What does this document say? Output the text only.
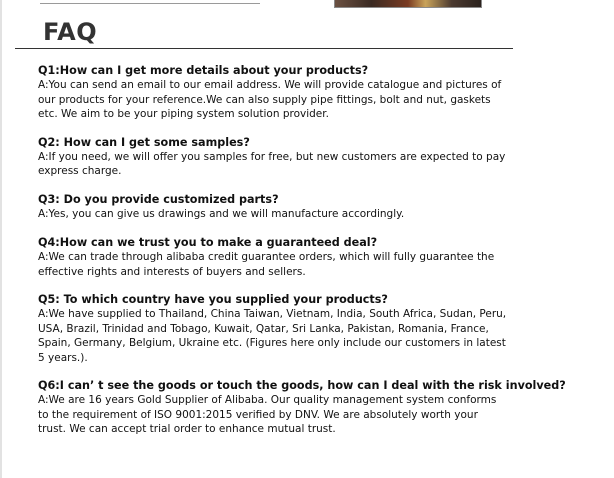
FAQ

Q1:How can I get more details about your products?

A:You can send an email to our email address. We will provide catalogue and pictures of our products for your reference.We can also supply pipe fittings, bolt and nut, gaskets etc. We aim to be your piping system solution provider.

Q2: How can I get some samples?

A:If you need, we will offer you samples for free, but new customers are expected to pay express charge.

Q3: Do you provide customized parts?

A:Yes, you can give us drawings and we will manufacture accordingly.

Q4:How can we trust you to make a guaranteed deal?

A:We can trade through alibaba credit guarantee orders, which will fully guarantee the effective rights and interests of buyers and sellers.

Q5: To which country have you supplied your products?

A:We have supplied to Thailand, China Taiwan, Vietnam, India, South Africa, Sudan, Peru, USA, Brazil, Trinidad and Tobago, Kuwait, Qatar, Sri Lanka, Pakistan, Romania, France, Spain, Germany, Belgium, Ukraine etc. (Figures here only include our customers in latest 5 years.).

Q6:I can’ t see the goods or touch the goods, how can I deal with the risk involved?

A:We are 16 years Gold Supplier of Alibaba. Our quality management system conforms to the requirement of ISO 9001:2015 verified by DNV. We are absolutely worth your trust. We can accept trial order to enhance mutual trust.
